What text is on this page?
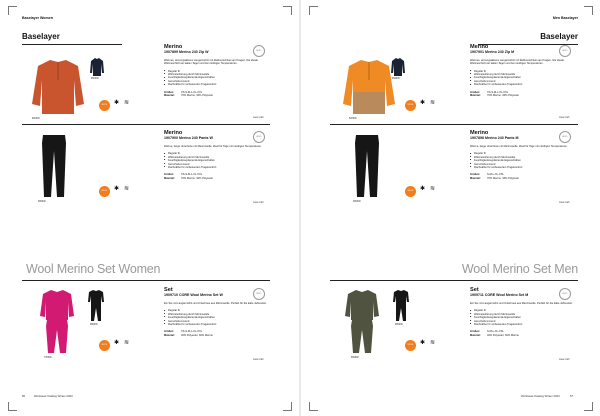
Baselayer Women
Baselayer
826000
950000
WOOL	✱ ≋
Merino
1907899 Merino 240 Zip W
Warmes, atmungsaktives Langarmshirt mit Reißverschluss am Kragen. Die ideale Wärmeschicht an kalten Tagen und bei niedrigen Temperaturen.
■ Regular fit
■ Wärmeisolierung durch Merinowolle
■ Feuchtigkeitsregulierende Eigenschaften
■ Geruchshemmend
■ Flachnähte für verbesserten Tragekomfort
Größen:	XS-S-M-L-XL-XXL
Material: 70% Merino, 30% Polyester
ECO
www.craft
999000
WOOL	✱ ≋
Merino
1907900 Merino 240 Pants W
Warme, lange Unterhose mit Merinowolle. Ideal für Tage mit niedrigen Temperaturen.
■ Regular fit
■ Wärmeisolierung durch Merinowolle
■ Feuchtigkeitsregulierende Eigenschaften
■ Geruchshemmend
■ Flachnähte für verbesserten Tragekomfort
Größen:	XS-S-M-L-XL-XXL
Material: 70% Merino, 30% Polyester
ECO
www.craft
Wool Merino Set Women
735000
999000
WOOL	✱ ≋
Set
1909710 CORE Wool Merino Set W
Ein Set mit Langarmshirt und Unterhose aus Merinowolle. Perfekt für die kalte Jahreszeit.
■ Regular fit
■ Wärmeisolierung durch Merinowolle
■ Feuchtigkeitsregulierende Eigenschaften
■ Geruchshemmend
■ Flachnähte für verbesserten Tragekomfort
Größen:	XS-S-M-L-XL-XXL
Material: 40% Polyester, 60% Merino
ECO
www.craft
56	Workwear Katalog Winter 2023
Men Baselayer
Baselayer
526000
999000
WOOL	✱ ≋
Merino
1907901 Merino 240 Zip M
Warmes, atmungsaktives Langarmshirt mit Reißverschluss am Kragen. Die ideale Wärmeschicht an kalten Tagen und bei niedrigen Temperaturen.
■ Regular fit
■ Wärmeisolierung durch Merinowolle
■ Feuchtigkeitsregulierende Eigenschaften
■ Geruchshemmend
■ Flachnähte für verbesserten Tragekomfort
Größen:	XS-S-M-L-XL-XXL
Material: 70% Merino, 30% Polyester
ECO
www.craft
999000
WOOL	✱ ≋
Merino
1907898 Merino 240 Pants M
Warme, lange Unterhose mit Merinowolle. Ideal für Tage mit niedrigen Temperaturen.
■ Regular fit
■ Wärmeisolierung durch Merinowolle
■ Feuchtigkeitsregulierende Eigenschaften
■ Geruchshemmend
■ Flachnähte für verbesserten Tragekomfort
Größen:	S-M-L-XL-XXL
Material: 70% Merino, 30% Polyester
ECO
www.craft
Wool Merino Set Men
669000
999000
WOOL	✱ ≋
Set
1909711 CORE Wool Merino Set M
Ein Set mit Langarmshirt und Unterhose aus Merinowolle. Perfekt für die kalte Jahreszeit.
■ Regular fit
■ Wärmeisolierung durch Merinowolle
■ Feuchtigkeitsregulierende Eigenschaften
■ Geruchshemmend
■ Flachnähte für verbesserten Tragekomfort
Größen:	S-M-L-XL-XXL
Material: 40% Polyester, 60% Merino
ECO
www.craft
Workwear Katalog Winter 2023	57
